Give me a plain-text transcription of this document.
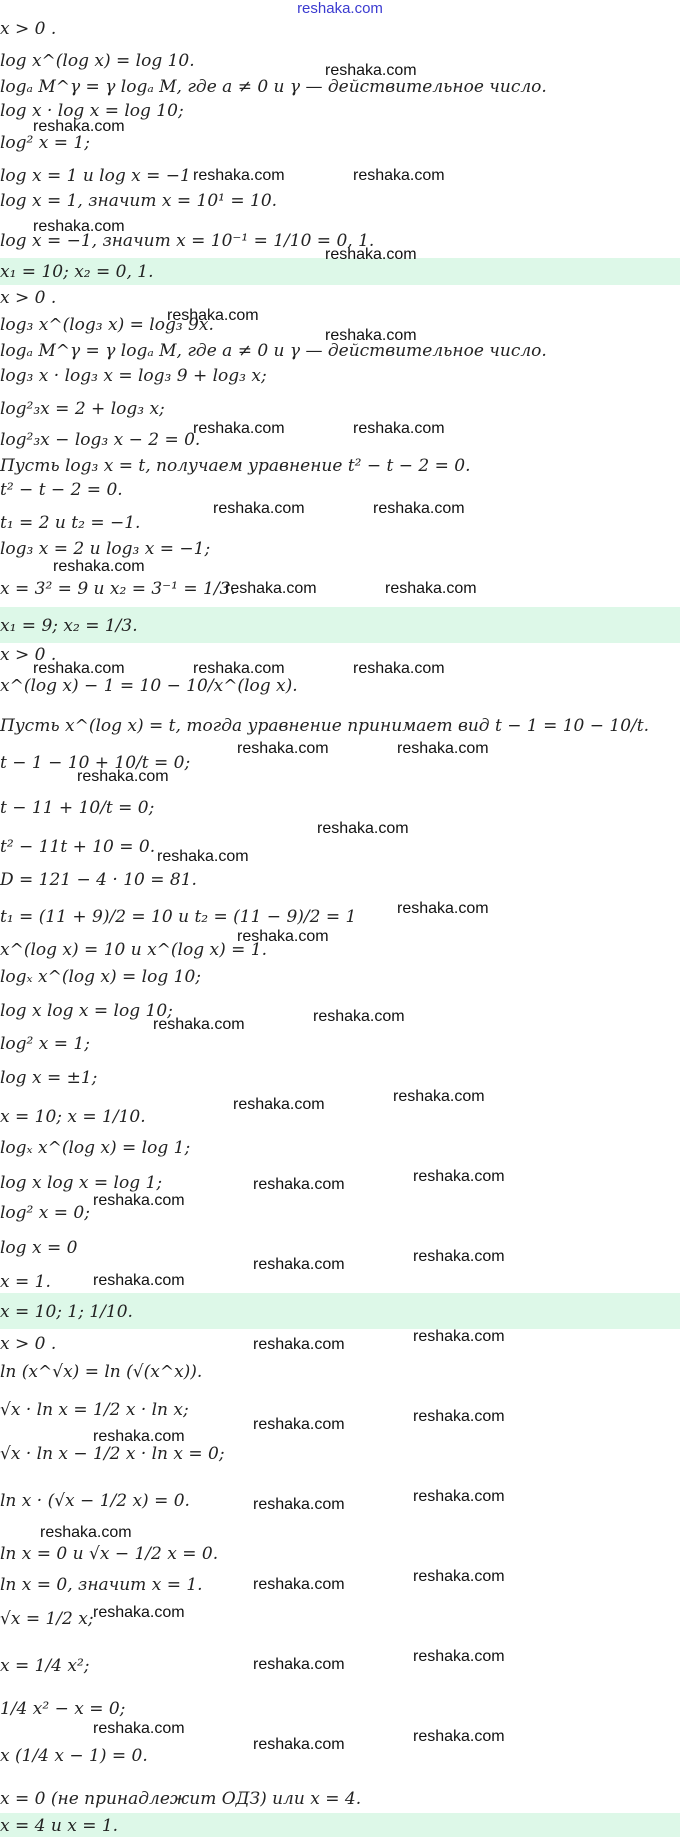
reshaka.com
x > 0 .
log x^(log x) = log 10.
logₐ M^γ = γ logₐ M, где a ≠ 0 и γ — действительное число.
log x · log x = log 10;
log² x = 1;
log x = 1 и log x = −1
log x = 1, значит x = 10¹ = 10.
log x = −1, значит x = 10⁻¹ = 1/10 = 0, 1.
x₁ = 10; x₂ = 0, 1.
x > 0 .
log₃ x^(log₃ x) = log₃ 9x.
logₐ M^γ = γ logₐ M, где a ≠ 0 и γ — действительное число.
log₃ x · log₃ x = log₃ 9 + log₃ x;
log²₃x = 2 + log₃ x;
log²₃x − log₃ x − 2 = 0.
Пусть log₃ x = t, получаем уравнение t² − t − 2 = 0.
t² − t − 2 = 0.
t₁ = 2 и t₂ = −1.
log₃ x = 2 и log₃ x = −1;
x = 3² = 9 и x₂ = 3⁻¹ = 1/3.
x₁ = 9; x₂ = 1/3.
x > 0 .
x^(log x) − 1 = 10 − 10/x^(log x).
Пусть x^(log x) = t, тогда уравнение принимает вид t − 1 = 10 − 10/t.
t − 1 − 10 + 10/t = 0;
t − 11 + 10/t = 0;
t² − 11t + 10 = 0.
D = 121 − 4 · 10 = 81.
t₁ = (11 + 9)/2 = 10 и t₂ = (11 − 9)/2 = 1
x^(log x) = 10 и x^(log x) = 1.
logₓ x^(log x) = log 10;
log x log x = log 10;
log² x = 1;
log x = ±1;
x = 10; x = 1/10.
logₓ x^(log x) = log 1;
log x log x = log 1;
log² x = 0;
log x = 0
x = 1.
x = 10; 1; 1/10.
x > 0 .
ln (x^√x) = ln (√(x^x)).
√x · ln x = 1/2 x · ln x;
√x · ln x − 1/2 x · ln x = 0;
ln x · (√x − 1/2 x) = 0.
ln x = 0 и √x − 1/2 x = 0.
ln x = 0, значит x = 1.
√x = 1/2 x;
x = 1/4 x²;
1/4 x² − x = 0;
x (1/4 x − 1) = 0.
x = 0 (не принадлежит ОДЗ) или x = 4.
x = 4 и x = 1.
reshaka.com
reshaka.com
reshaka.com	reshaka.com
reshaka.com
reshaka.com
reshaka.com
reshaka.com
reshaka.com	reshaka.com
reshaka.com	reshaka.com
reshaka.com
reshaka.com	reshaka.com
reshaka.com	reshaka.com	reshaka.com
reshaka.com	reshaka.com
reshaka.com
reshaka.com
reshaka.com
reshaka.com
reshaka.com
reshaka.com
reshaka.com
reshaka.com
reshaka.com
reshaka.com
reshaka.com
reshaka.com
reshaka.com
reshaka.com
reshaka.com
reshaka.com
reshaka.com
reshaka.com
reshaka.com
reshaka.com
reshaka.com
reshaka.com
reshaka.com
reshaka.com
reshaka.com
reshaka.com
reshaka.com
reshaka.com
reshaka.com	reshaka.com
reshaka.com
